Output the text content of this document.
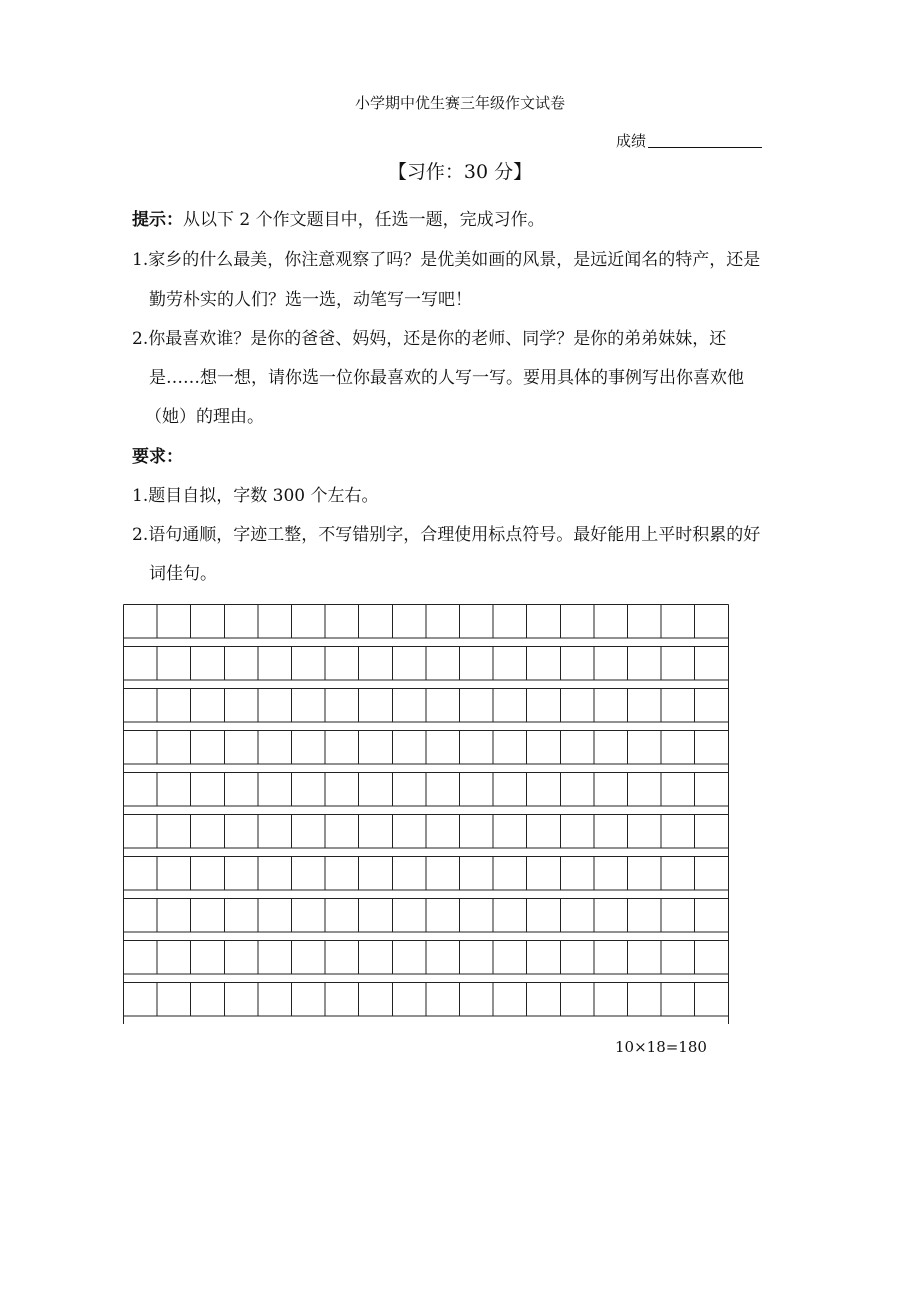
小学期中优生赛三年级作文试卷
成绩
【习作：30 分】
提示：从以下 2 个作文题目中，任选一题，完成习作。
1.家乡的什么最美，你注意观察了吗？是优美如画的风景，是远近闻名的特产，还是
勤劳朴实的人们？选一选，动笔写一写吧！
2.你最喜欢谁？是你的爸爸、妈妈，还是你的老师、同学？是你的弟弟妹妹，还
是……想一想，请你选一位你最喜欢的人写一写。要用具体的事例写出你喜欢他
（她）的理由。
要求：
1.题目自拟，字数 300 个左右。
2.语句通顺，字迹工整，不写错别字，合理使用标点符号。最好能用上平时积累的好
词佳句。
10×18=180
